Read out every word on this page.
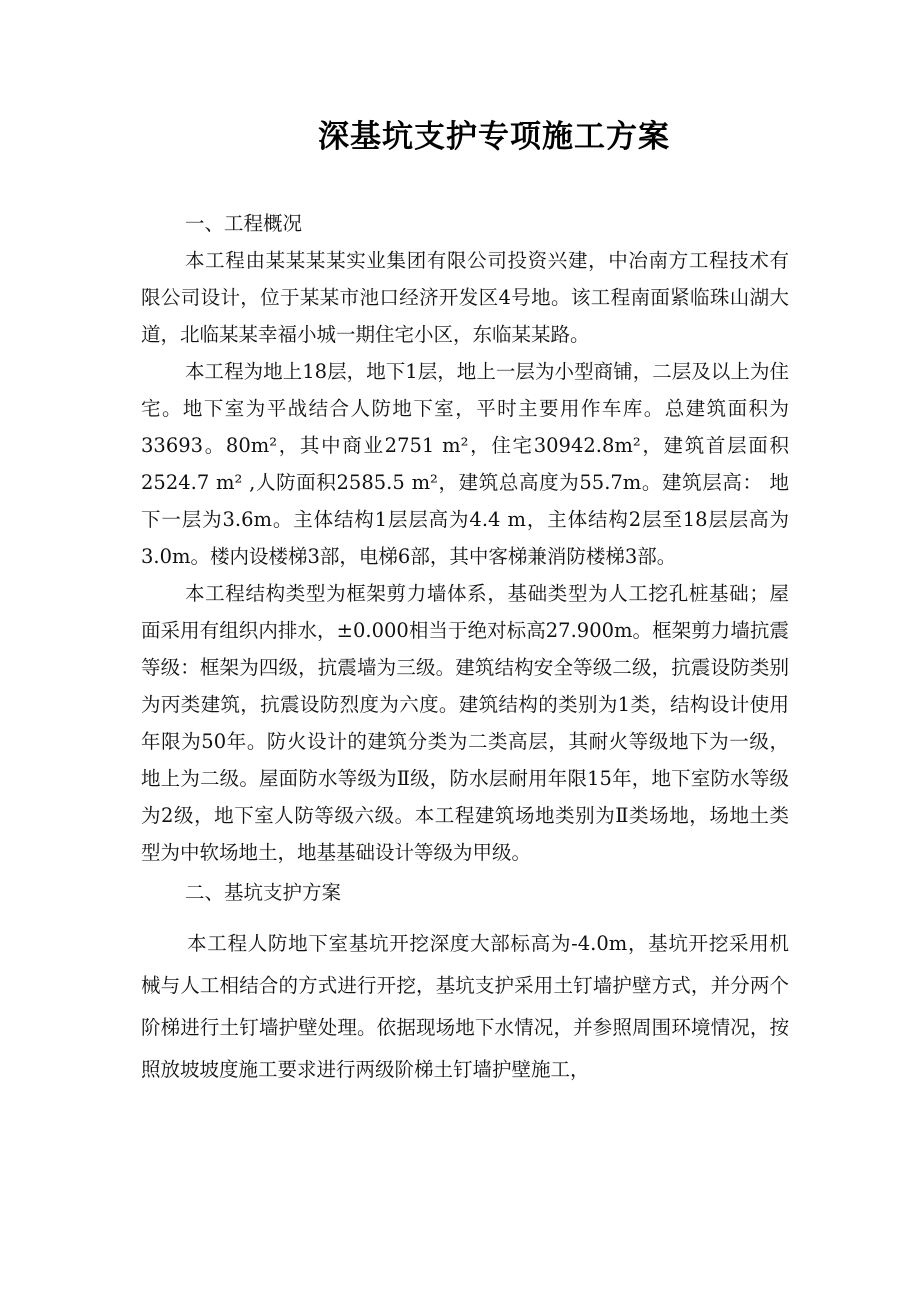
深基坑支护专项施工方案

一、工程概况

本工程由某某某某实业集团有限公司投资兴建，中冶南方工程技术有限公司设计，位于某某市池口经济开发区4号地。该工程南面紧临珠山湖大道，北临某某幸福小城一期住宅小区，东临某某路。

本工程为地上18层，地下1层，地上一层为小型商铺，二层及以上为住宅。地下室为平战结合人防地下室，平时主要用作车库。总建筑面积为33693。80m²，其中商业2751 m²，住宅30942.8m²，建筑首层面积2524.7 m² ,人防面积2585.5 m²，建筑总高度为55.7m。建筑层高： 地下一层为3.6m。主体结构1层层高为4.4 m，主体结构2层至18层层高为3.0m。楼内设楼梯3部，电梯6部，其中客梯兼消防楼梯3部。

本工程结构类型为框架剪力墙体系，基础类型为人工挖孔桩基础；屋面采用有组织内排水，±0.000相当于绝对标高27.900m。框架剪力墙抗震等级：框架为四级，抗震墙为三级。建筑结构安全等级二级，抗震设防类别为丙类建筑，抗震设防烈度为六度。建筑结构的类别为1类，结构设计使用年限为50年。防火设计的建筑分类为二类高层，其耐火等级地下为一级，地上为二级。屋面防水等级为Ⅱ级，防水层耐用年限15年，地下室防水等级为2级，地下室人防等级六级。本工程建筑场地类别为Ⅱ类场地，场地土类型为中软场地土，地基基础设计等级为甲级。

二、基坑支护方案

本工程人防地下室基坑开挖深度大部标高为-4.0m，基坑开挖采用机械与人工相结合的方式进行开挖，基坑支护采用土钉墙护壁方式，并分两个阶梯进行土钉墙护壁处理。依据现场地下水情况，并参照周围环境情况，按照放坡坡度施工要求进行两级阶梯土钉墙护壁施工，
